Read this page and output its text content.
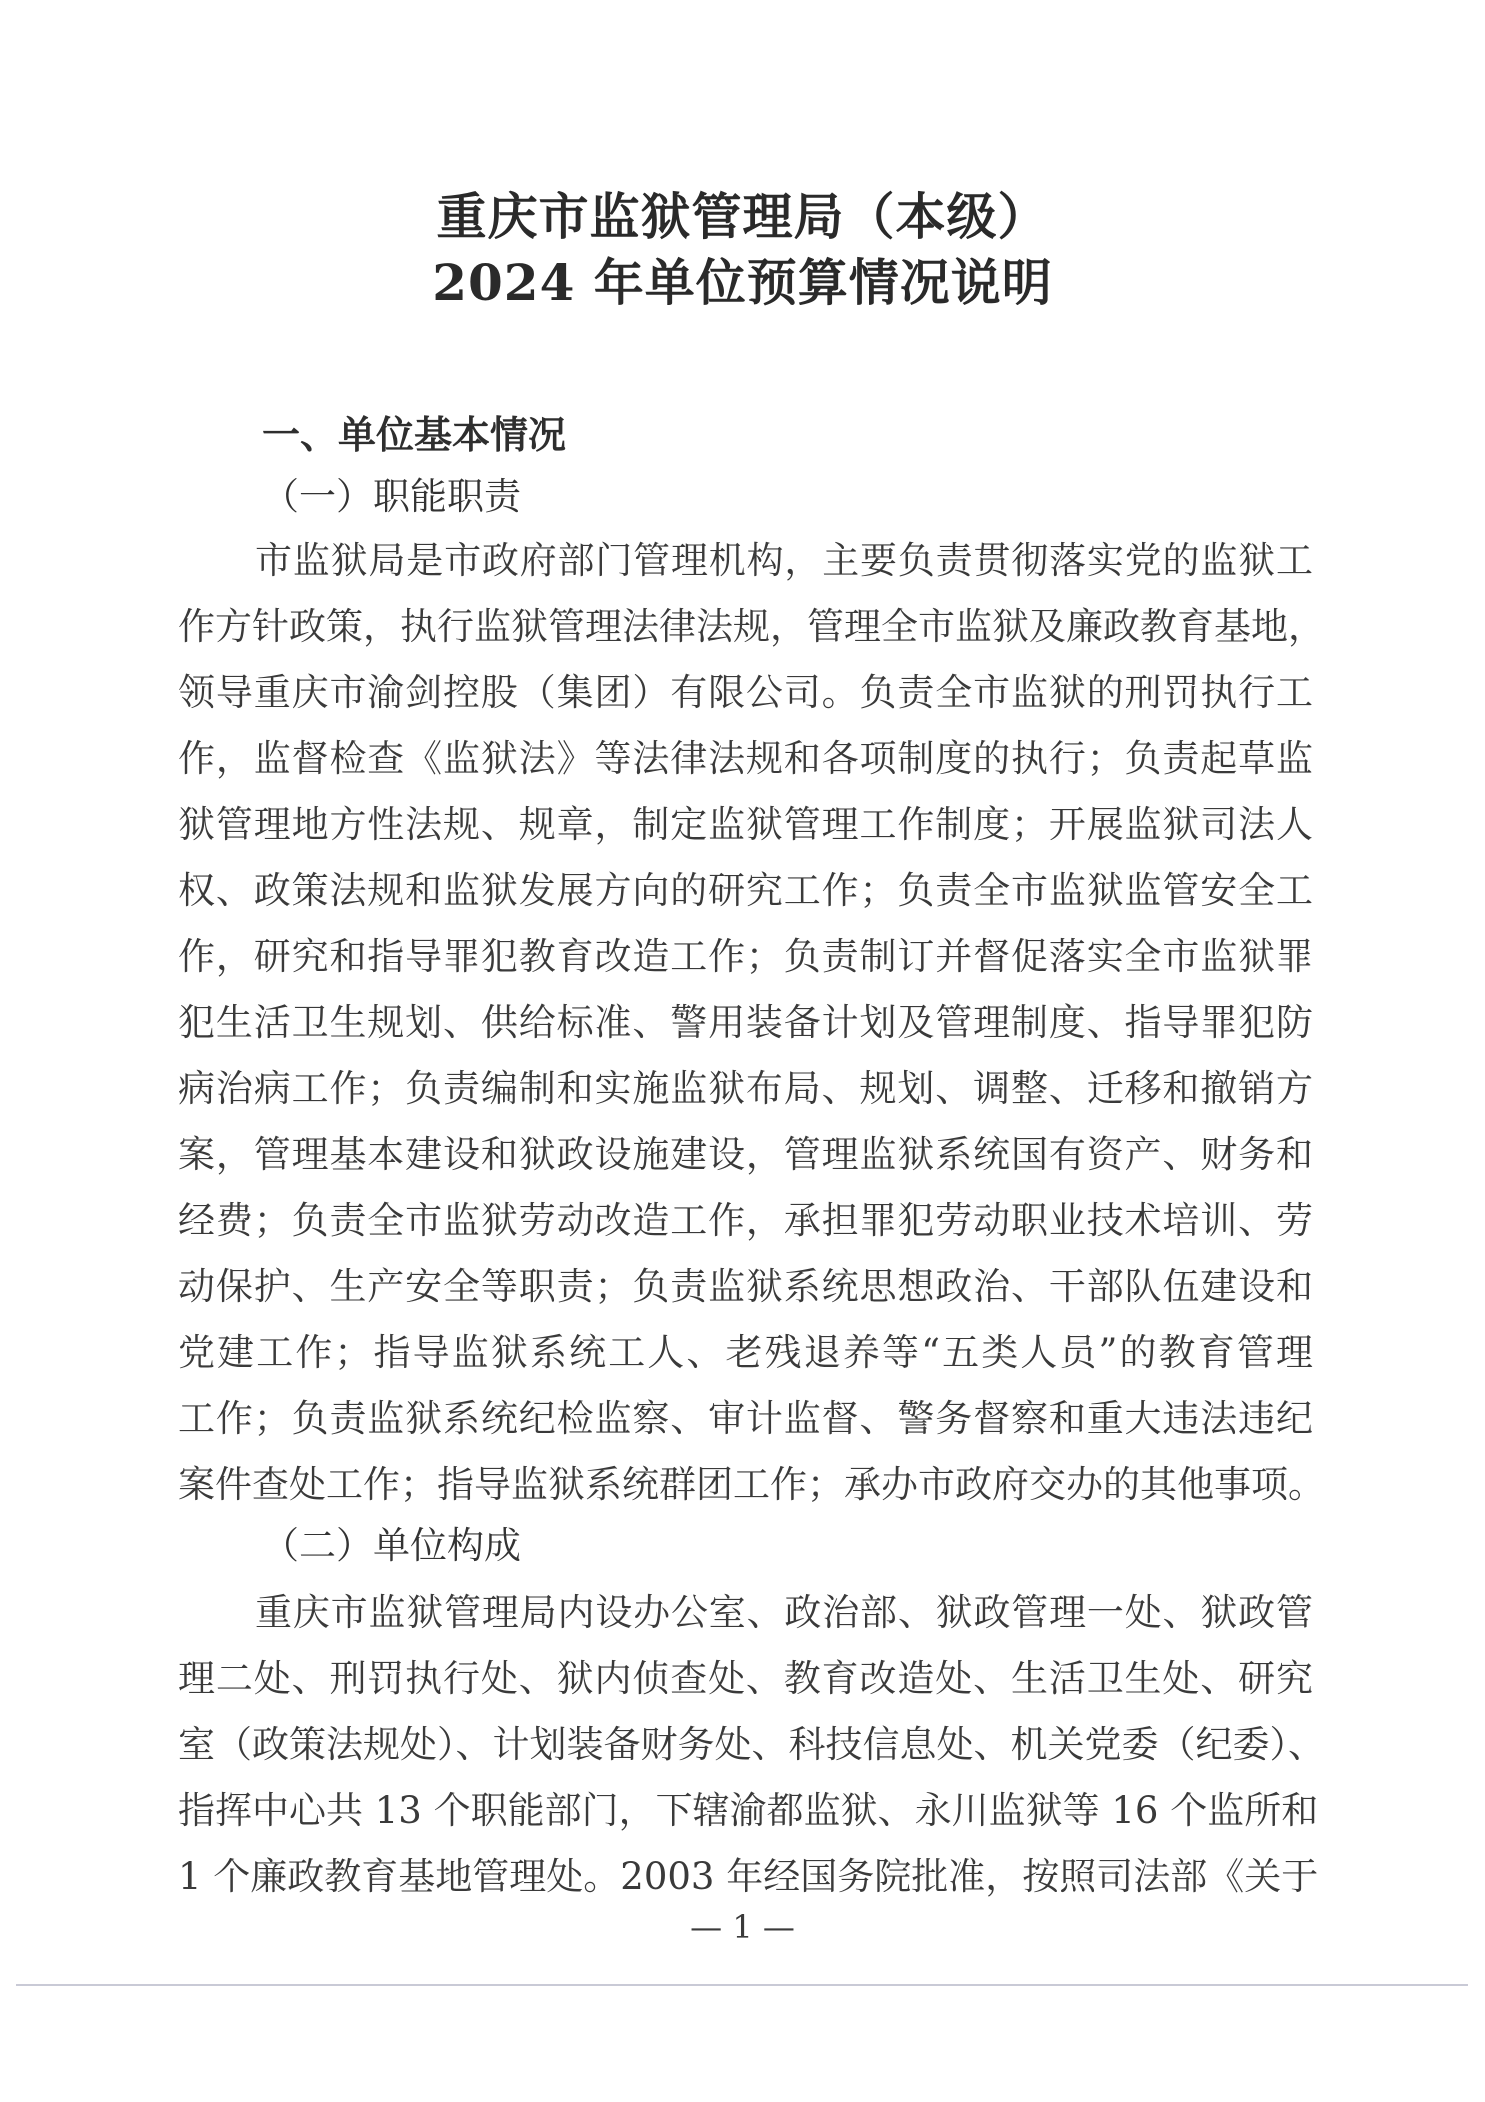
重庆市监狱管理局（本级）
2024 年单位预算情况说明
一、单位基本情况
（一）职能职责
市监狱局是市政府部门管理机构，主要负责贯彻落实党的监狱工
作方针政策，执行监狱管理法律法规，管理全市监狱及廉政教育基地，
领导重庆市渝剑控股（集团）有限公司。负责全市监狱的刑罚执行工
作，监督检查《监狱法》等法律法规和各项制度的执行；负责起草监
狱管理地方性法规、规章，制定监狱管理工作制度；开展监狱司法人
权、政策法规和监狱发展方向的研究工作；负责全市监狱监管安全工
作，研究和指导罪犯教育改造工作；负责制订并督促落实全市监狱罪
犯生活卫生规划、供给标准、警用装备计划及管理制度、指导罪犯防
病治病工作；负责编制和实施监狱布局、规划、调整、迁移和撤销方
案，管理基本建设和狱政设施建设，管理监狱系统国有资产、财务和
经费；负责全市监狱劳动改造工作，承担罪犯劳动职业技术培训、劳
动保护、生产安全等职责；负责监狱系统思想政治、干部队伍建设和
党建工作；指导监狱系统工人、老残退养等“五类人员”的教育管理
工作；负责监狱系统纪检监察、审计监督、警务督察和重大违法违纪
案件查处工作；指导监狱系统群团工作；承办市政府交办的其他事项。
（二）单位构成
重庆市监狱管理局内设办公室、政治部、狱政管理一处、狱政管
理二处、刑罚执行处、狱内侦查处、教育改造处、生活卫生处、研究
室（政策法规处）、计划装备财务处、科技信息处、机关党委（纪委）、
指挥中心共 13 个职能部门，下辖渝都监狱、永川监狱等 16 个监所和
1 个廉政教育基地管理处。2003 年经国务院批准，按照司法部《关于
— 1 —
